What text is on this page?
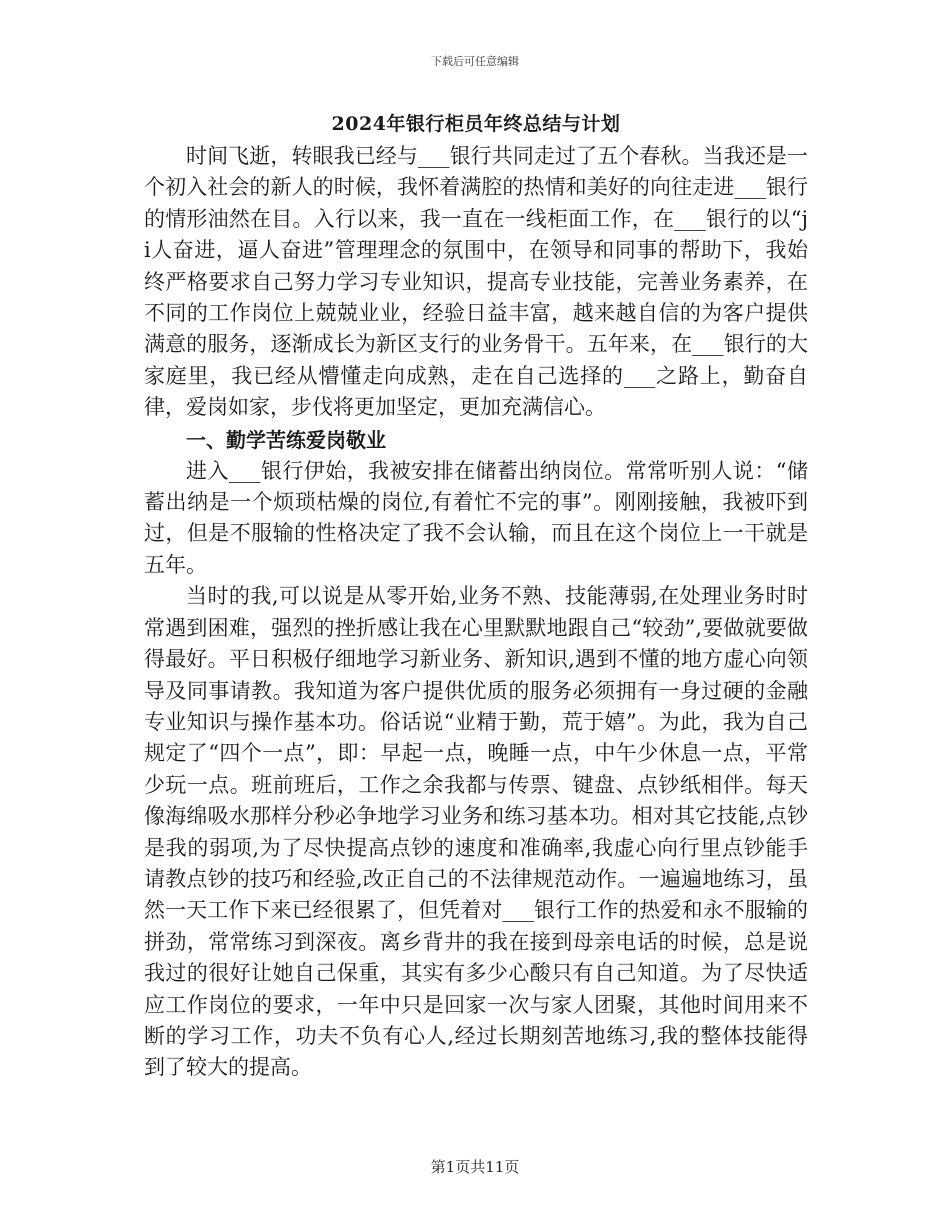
下载后可任意编辑
2024年银行柜员年终总结与计划

时间飞逝，转眼我已经与___银行共同走过了五个春秋。当我还是一个初入社会的新人的时候，我怀着满腔的热情和美好的向往走进___银行的情形油然在目。入行以来，我一直在一线柜面工作，在___银行的以“ji人奋进，逼人奋进”管理理念的氛围中，在领导和同事的帮助下，我始终严格要求自己努力学习专业知识，提高专业技能，完善业务素养，在不同的工作岗位上兢兢业业，经验日益丰富，越来越自信的为客户提供满意的服务，逐渐成长为新区支行的业务骨干。五年来，在___银行的大家庭里，我已经从懵懂走向成熟，走在自己选择的___之路上，勤奋自律，爱岗如家，步伐将更加坚定，更加充满信心。

一、勤学苦练爱岗敬业

进入___银行伊始，我被安排在储蓄出纳岗位。常常听别人说：“储蓄出纳是一个烦琐枯燥的岗位,有着忙不完的事”。刚刚接触，我被吓到过，但是不服输的性格决定了我不会认输，而且在这个岗位上一干就是五年。

当时的我,可以说是从零开始,业务不熟、技能薄弱,在处理业务时时常遇到困难，强烈的挫折感让我在心里默默地跟自己“较劲”,要做就要做得最好。平日积极仔细地学习新业务、新知识,遇到不懂的地方虚心向领导及同事请教。我知道为客户提供优质的服务必须拥有一身过硬的金融专业知识与操作基本功。俗话说“业精于勤，荒于嬉”。为此，我为自己规定了“四个一点”，即：早起一点，晚睡一点，中午少休息一点，平常少玩一点。班前班后，工作之余我都与传票、键盘、点钞纸相伴。每天像海绵吸水那样分秒必争地学习业务和练习基本功。相对其它技能,点钞是我的弱项,为了尽快提高点钞的速度和准确率,我虚心向行里点钞能手请教点钞的技巧和经验,改正自己的不法律规范动作。一遍遍地练习，虽然一天工作下来已经很累了，但凭着对___银行工作的热爱和永不服输的拼劲，常常练习到深夜。离乡背井的我在接到母亲电话的时候，总是说我过的很好让她自己保重，其实有多少心酸只有自己知道。为了尽快适应工作岗位的要求，一年中只是回家一次与家人团聚，其他时间用来不断的学习工作，功夫不负有心人,经过长期刻苦地练习,我的整体技能得到了较大的提高。

第1页共11页
